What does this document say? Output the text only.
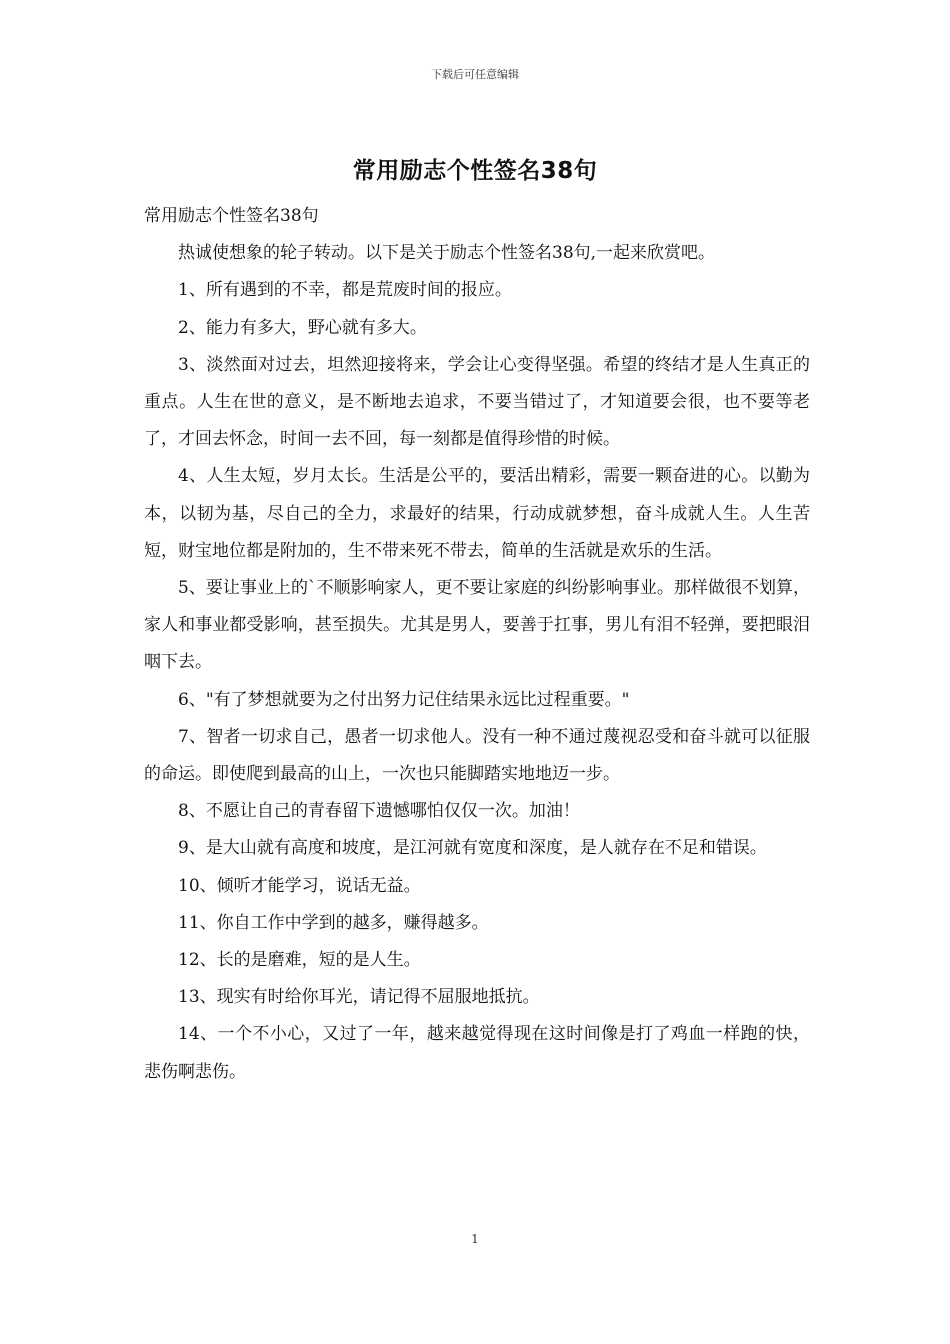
下载后可任意编辑
常用励志个性签名38句

常用励志个性签名38句

热诚使想象的轮子转动。以下是关于励志个性签名38句,一起来欣赏吧。

1、所有遇到的不幸，都是荒废时间的报应。

2、能力有多大，野心就有多大。

3、淡然面对过去，坦然迎接将来，学会让心变得坚强。希望的终结才是人生真正的重点。人生在世的意义，是不断地去追求，不要当错过了，才知道要会很，也不要等老了，才回去怀念，时间一去不回，每一刻都是值得珍惜的时候。

4、人生太短，岁月太长。生活是公平的，要活出精彩，需要一颗奋进的心。以勤为本，以韧为基，尽自己的全力，求最好的结果，行动成就梦想，奋斗成就人生。人生苦短，财宝地位都是附加的，生不带来死不带去，简单的生活就是欢乐的生活。

5、要让事业上的`不顺影响家人，更不要让家庭的纠纷影响事业。那样做很不划算，家人和事业都受影响，甚至损失。尤其是男人，要善于扛事，男儿有泪不轻弹，要把眼泪咽下去。

6、"有了梦想就要为之付出努力记住结果永远比过程重要。"

7、智者一切求自己，愚者一切求他人。没有一种不通过蔑视忍受和奋斗就可以征服的命运。即使爬到最高的山上，一次也只能脚踏实地地迈一步。

8、不愿让自己的青春留下遗憾哪怕仅仅一次。加油！

9、是大山就有高度和坡度，是江河就有宽度和深度，是人就存在不足和错误。

10、倾听才能学习，说话无益。

11、你自工作中学到的越多，赚得越多。

12、长的是磨难，短的是人生。

13、现实有时给你耳光，请记得不屈服地抵抗。

14、一个不小心，又过了一年，越来越觉得现在这时间像是打了鸡血一样跑的快，悲伤啊悲伤。

1
